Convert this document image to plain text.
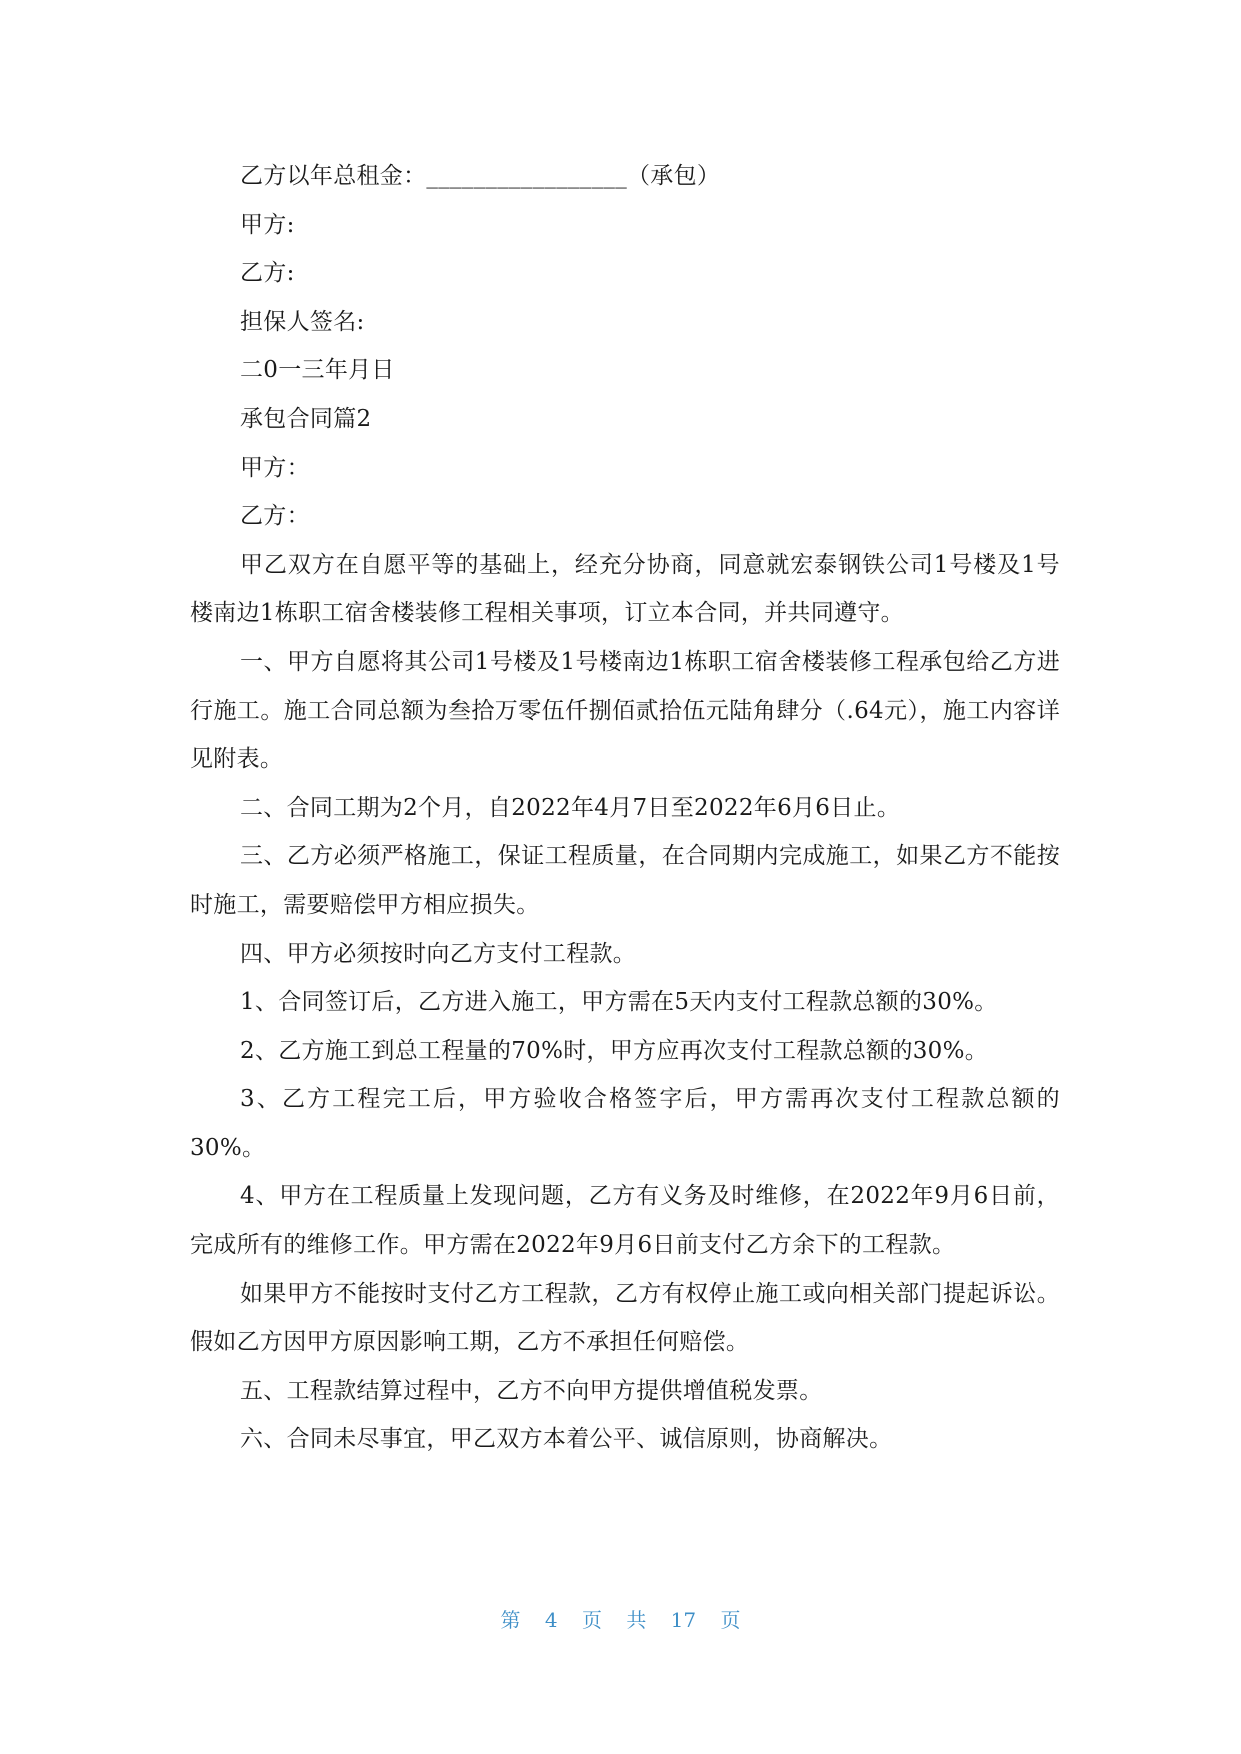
乙方以年总租金：_________________（承包）

甲方:

乙方:

担保人签名:

二0一三年月日

承包合同篇2

甲方：

乙方：

甲乙双方在自愿平等的基础上，经充分协商，同意就宏泰钢铁公司1号楼及1号楼南边1栋职工宿舍楼装修工程相关事项，订立本合同，并共同遵守。

一、甲方自愿将其公司1号楼及1号楼南边1栋职工宿舍楼装修工程承包给乙方进行施工。施工合同总额为叁拾万零伍仟捌佰贰拾伍元陆角肆分（.64元），施工内容详见附表。

二、合同工期为2个月，自2022年4月7日至2022年6月6日止。

三、乙方必须严格施工，保证工程质量，在合同期内完成施工，如果乙方不能按时施工，需要赔偿甲方相应损失。

四、甲方必须按时向乙方支付工程款。

1、合同签订后，乙方进入施工，甲方需在5天内支付工程款总额的30%。

2、乙方施工到总工程量的70%时，甲方应再次支付工程款总额的30%。

3、乙方工程完工后，甲方验收合格签字后，甲方需再次支付工程款总额的30%。

4、甲方在工程质量上发现问题，乙方有义务及时维修，在2022年9月6日前，完成所有的维修工作。甲方需在2022年9月6日前支付乙方余下的工程款。

如果甲方不能按时支付乙方工程款，乙方有权停止施工或向相关部门提起诉讼。假如乙方因甲方原因影响工期，乙方不承担任何赔偿。

五、工程款结算过程中，乙方不向甲方提供增值税发票。

六、合同未尽事宜，甲乙双方本着公平、诚信原则，协商解决。

第 4 页 共 17 页
